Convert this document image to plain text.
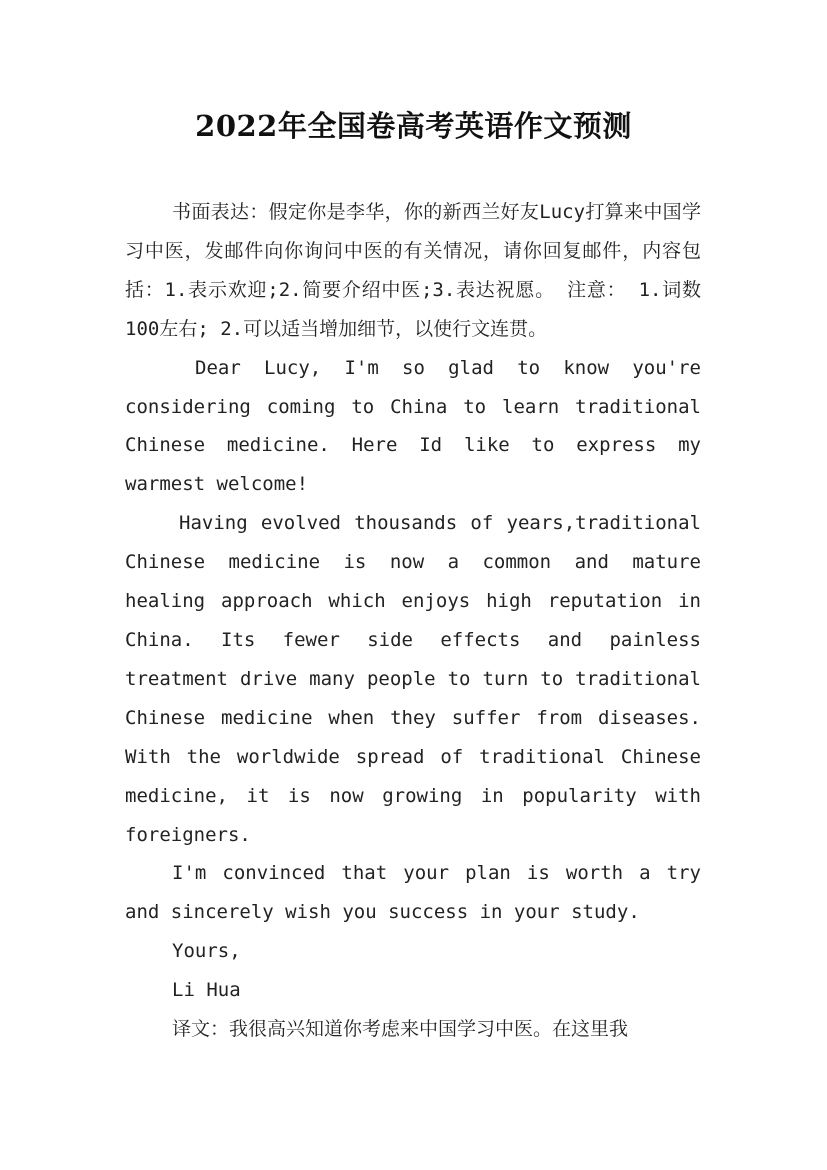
2022年全国卷高考英语作文预测

书面表达：假定你是李华，你的新西兰好友Lucy打算来中国学习中医，发邮件向你询问中医的有关情况，请你回复邮件，内容包括：1.表示欢迎;2.简要介绍中医;3.表达祝愿。 注意： 1.词数100左右; 2.可以适当增加细节，以使行文连贯。

Dear Lucy, I'm so glad to know you're considering coming to China to learn traditional Chinese medicine. Here Id like to express my warmest welcome!

Having evolved thousands of years,traditional Chinese medicine is now a common and mature healing approach which enjoys high reputation in China. Its fewer side effects and painless treatment drive many people to turn to traditional Chinese medicine when they suffer from diseases. With the worldwide spread of traditional Chinese medicine, it is now growing in popularity with foreigners.

I'm convinced that your plan is worth a try and sincerely wish you success in your study.

Yours,

Li Hua

译文：我很高兴知道你考虑来中国学习中医。在这里我
